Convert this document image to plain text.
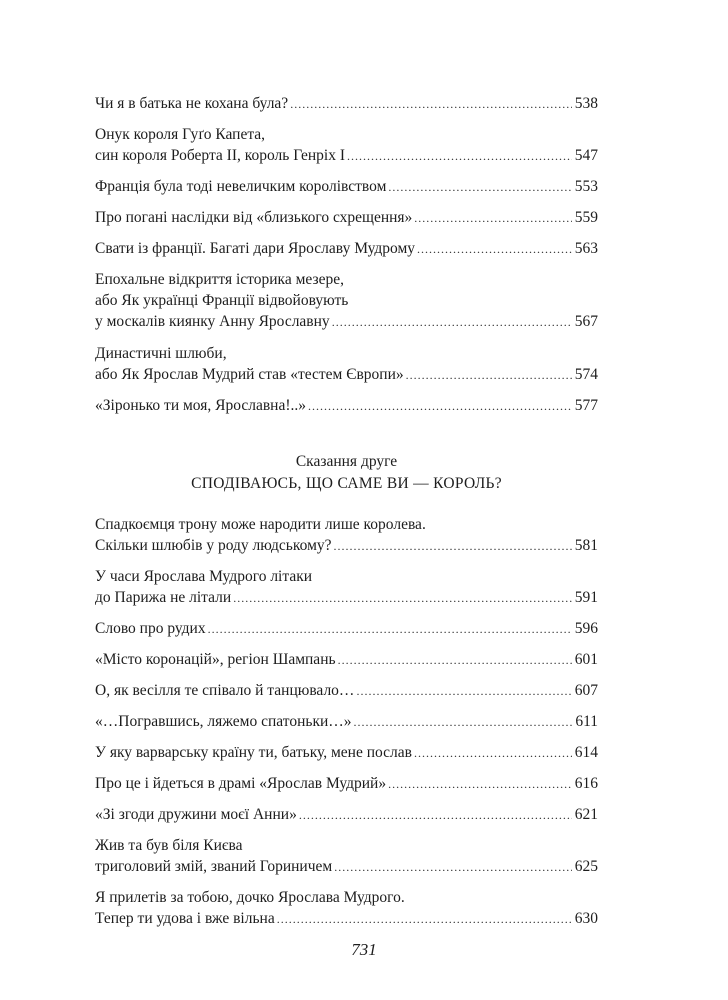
Чи я в батька не кохана була? .....	538
Онук короля Гуґо Капета,
син короля Роберта ІІ, король Генріх І .....	547
Франція була тоді невеличким королівством .....	553
Про погані наслідки від «близького схрещення» .....	559
Свати із франції. Багаті дари Ярославу Мудрому .....	563
Епохальне відкриття історика мезере,
або Як українці Франції відвойовують
у москалів киянку Анну Ярославну .....	567
Династичні шлюби,
або Як Ярослав Мудрий став «тестем Європи» .....	574
«Зіронько ти моя, Ярославна!..» .....	577
Сказання друге
СПОДІВАЮСЬ, ЩО САМЕ ВИ — КОРОЛЬ?
Спадкоємця трону може народити лише королева.
Скільки шлюбів у роду людському? .....	581
У часи Ярослава Мудрого літаки
до Парижа не літали .....	591
Слово про рудих .....	596
«Місто коронацій», регіон Шампань .....	601
О, як весілля те співало й танцювало… .....	607
«…Погравшись, ляжемо спатоньки…» .....	611
У яку варварську країну ти, батьку, мене послав .....	614
Про це і йдеться в драмі «Ярослав Мудрий» .....	616
«Зі згоди дружини моєї Анни» .....	621
Жив та був біля Києва
триголовий змій, званий Гориничем .....	625
Я прилетів за тобою, дочко Ярослава Мудрого.
Тепер ти удова і вже вільна .....	630
731
